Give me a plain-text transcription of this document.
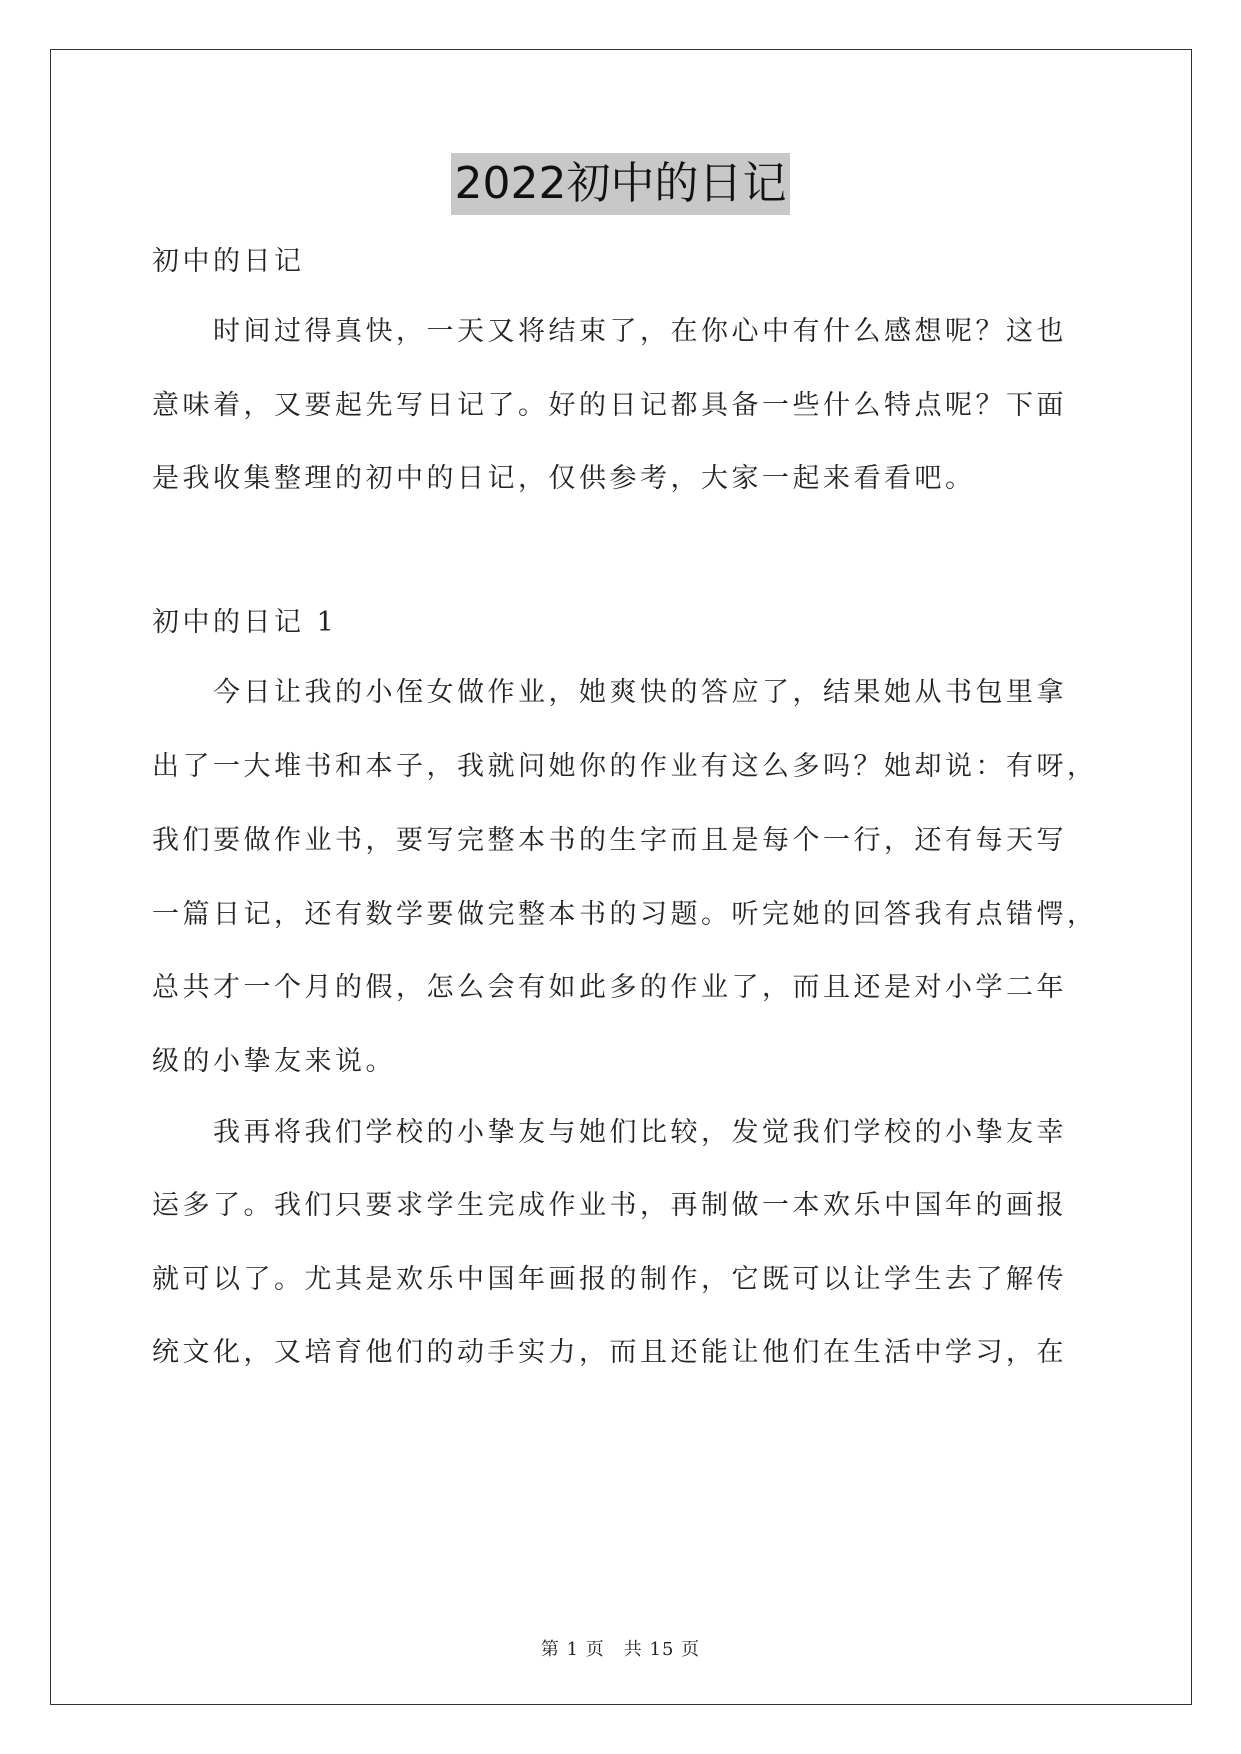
2022初中的日记
初中的日记
时间过得真快，一天又将结束了，在你心中有什么感想呢？这也
意味着，又要起先写日记了。好的日记都具备一些什么特点呢？下面
是我收集整理的初中的日记，仅供参考，大家一起来看看吧。
初中的日记 1
今日让我的小侄女做作业，她爽快的答应了，结果她从书包里拿
出了一大堆书和本子，我就问她你的作业有这么多吗？她却说：有呀，
我们要做作业书，要写完整本书的生字而且是每个一行，还有每天写
一篇日记，还有数学要做完整本书的习题。听完她的回答我有点错愕，
总共才一个月的假，怎么会有如此多的作业了，而且还是对小学二年
级的小挚友来说。
我再将我们学校的小挚友与她们比较，发觉我们学校的小挚友幸
运多了。我们只要求学生完成作业书，再制做一本欢乐中国年的画报
就可以了。尤其是欢乐中国年画报的制作，它既可以让学生去了解传
统文化，又培育他们的动手实力，而且还能让他们在生活中学习，在
第 1 页　共 15 页
